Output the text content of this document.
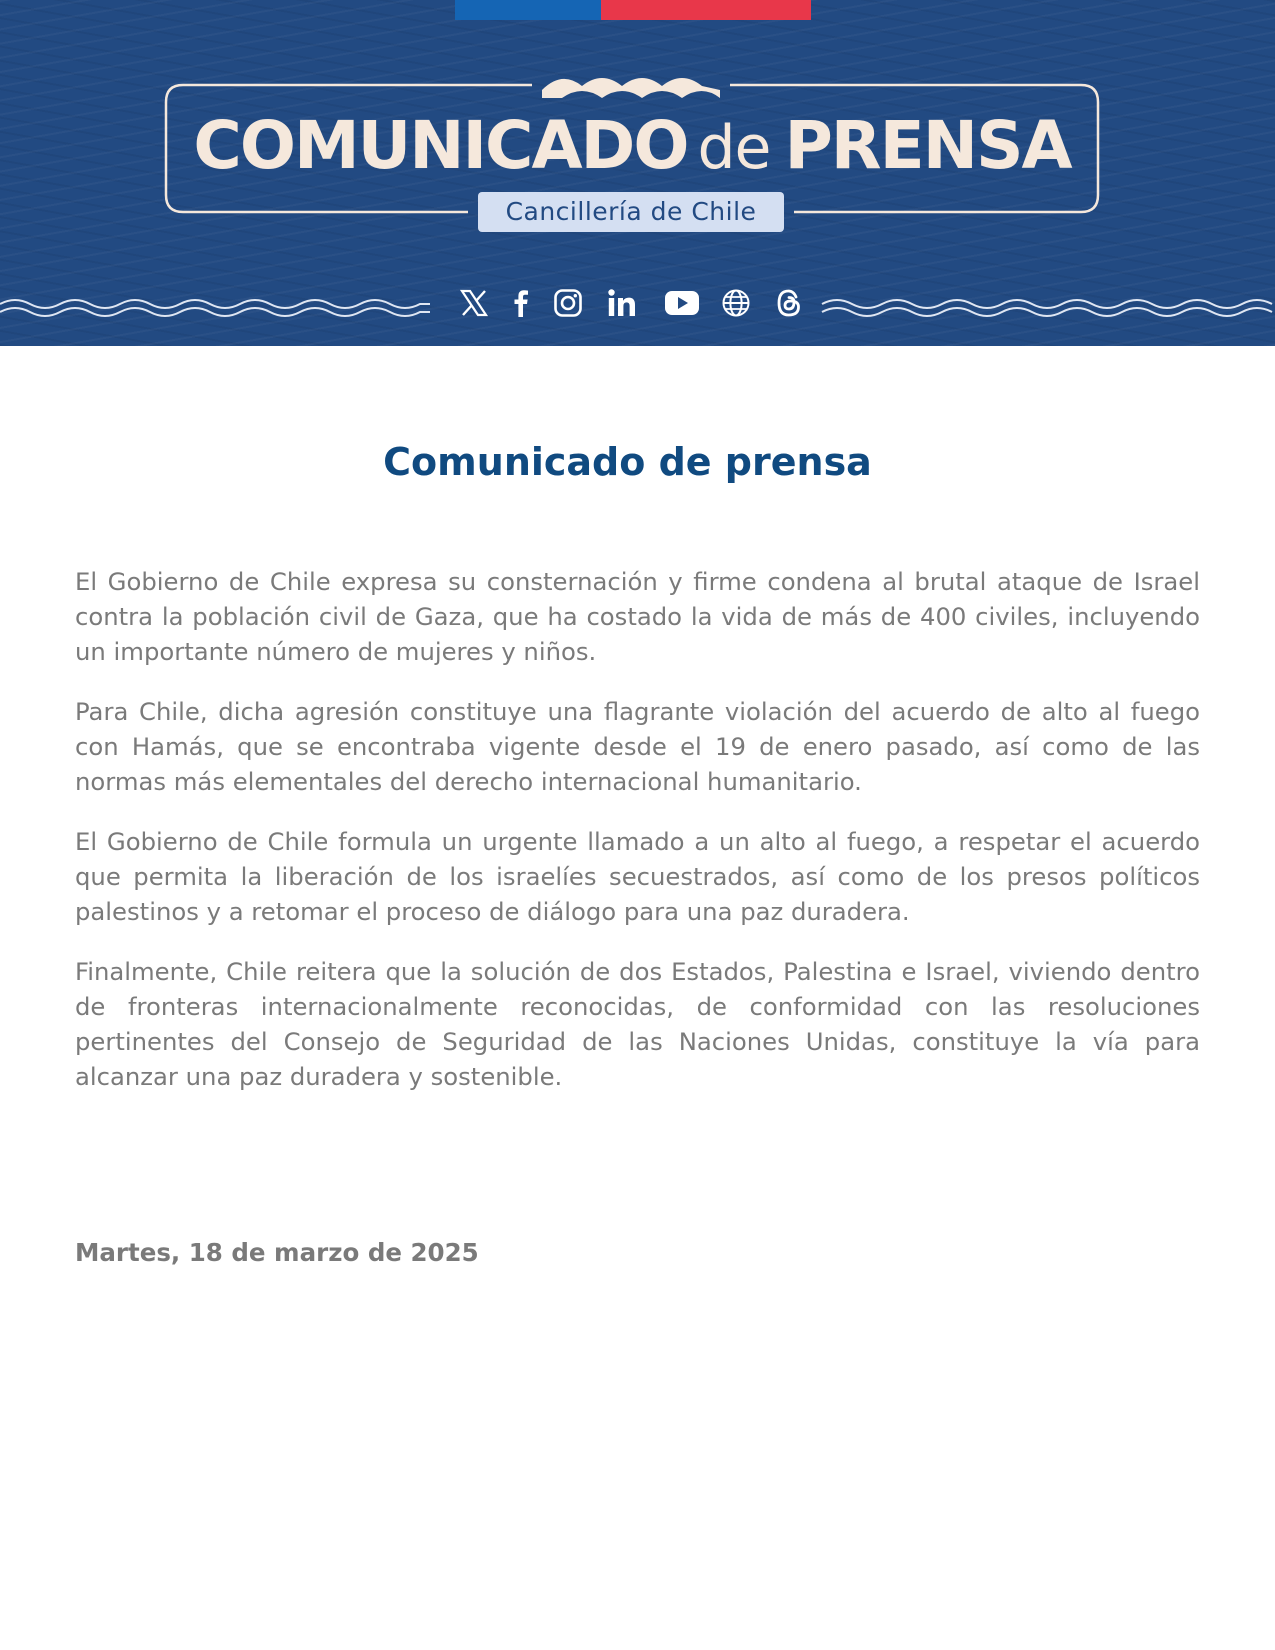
COMUNICADO de PRENSA
Cancillería de Chile
Comunicado de prensa

El Gobierno de Chile expresa su consternación y firme condena al brutal ataque de Israel contra la población civil de Gaza, que ha costado la vida de más de 400 civiles, incluyendo un importante número de mujeres y niños.

Para Chile, dicha agresión constituye una flagrante violación del acuerdo de alto al fuego con Hamás, que se encontraba vigente desde el 19 de enero pasado, así como de las normas más elementales del derecho internacional humanitario.

El Gobierno de Chile formula un urgente llamado a un alto al fuego, a respetar el acuerdo que permita la liberación de los israelíes secuestrados, así como de los presos políticos palestinos y a retomar el proceso de diálogo para una paz duradera.

Finalmente, Chile reitera que la solución de dos Estados, Palestina e Israel, viviendo dentro de fronteras internacionalmente reconocidas, de conformidad con las resoluciones pertinentes del Consejo de Seguridad de las Naciones Unidas, constituye la vía para alcanzar una paz duradera y sostenible.

Martes, 18 de marzo de 2025
